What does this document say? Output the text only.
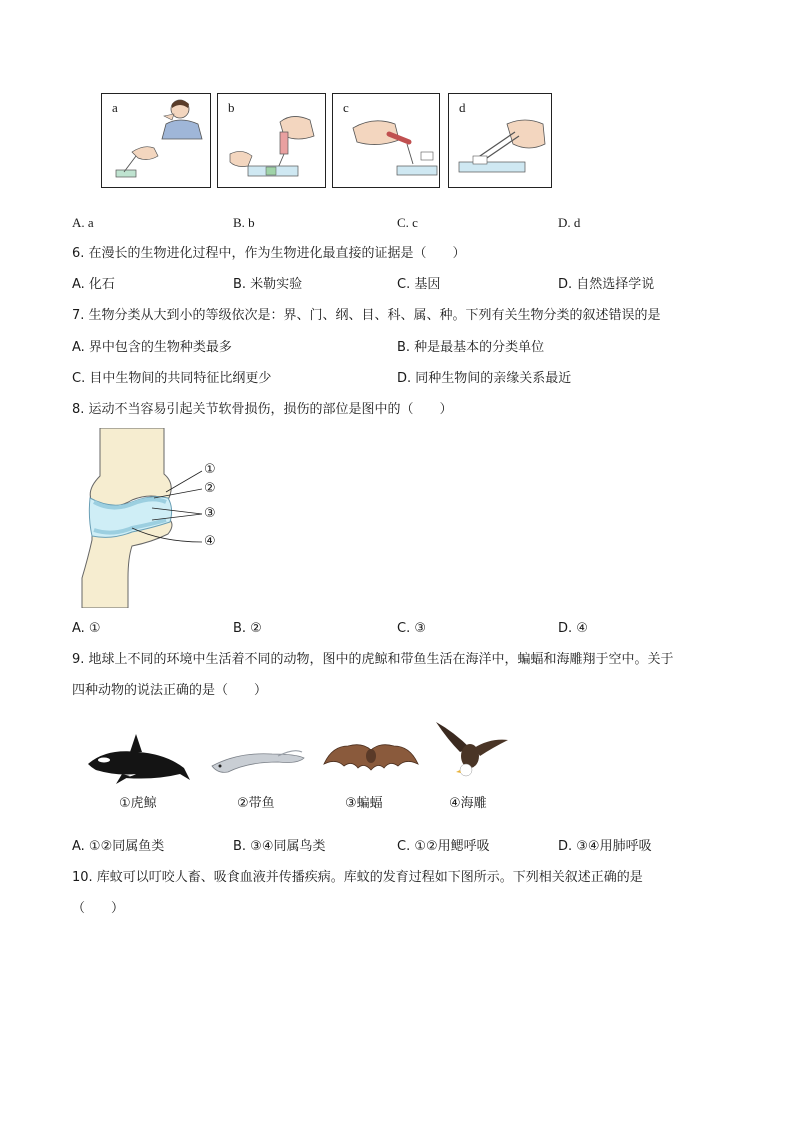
a	b	c	d
A. a	B. b	C. c	D. d
6. 在漫长的生物进化过程中，作为生物进化最直接的证据是（　　）
A. 化石	B. 米勒实验	C. 基因	D. 自然选择学说
7. 生物分类从大到小的等级依次是：界、门、纲、目、科、属、种。下列有关生物分类的叙述错误的是
A. 界中包含的生物种类最多	B. 种是最基本的分类单位
C. 目中生物间的共同特征比纲更少	D. 同种生物间的亲缘关系最近
8. 运动不当容易引起关节软骨损伤，损伤的部位是图中的（　　）
①
②
③
④
A. ①	B. ②	C. ③	D. ④
9. 地球上不同的环境中生活着不同的动物，图中的虎鲸和带鱼生活在海洋中，蝙蝠和海雕翔于空中。关于
四种动物的说法正确的是（　　）
①虎鲸	②带鱼	③蝙蝠	④海雕
A. ①②同属鱼类	B. ③④同属鸟类	C. ①②用鳃呼吸	D. ③④用肺呼吸
10. 库蚊可以叮咬人畜、吸食血液并传播疾病。库蚊的发育过程如下图所示。下列相关叙述正确的是
（　　）
